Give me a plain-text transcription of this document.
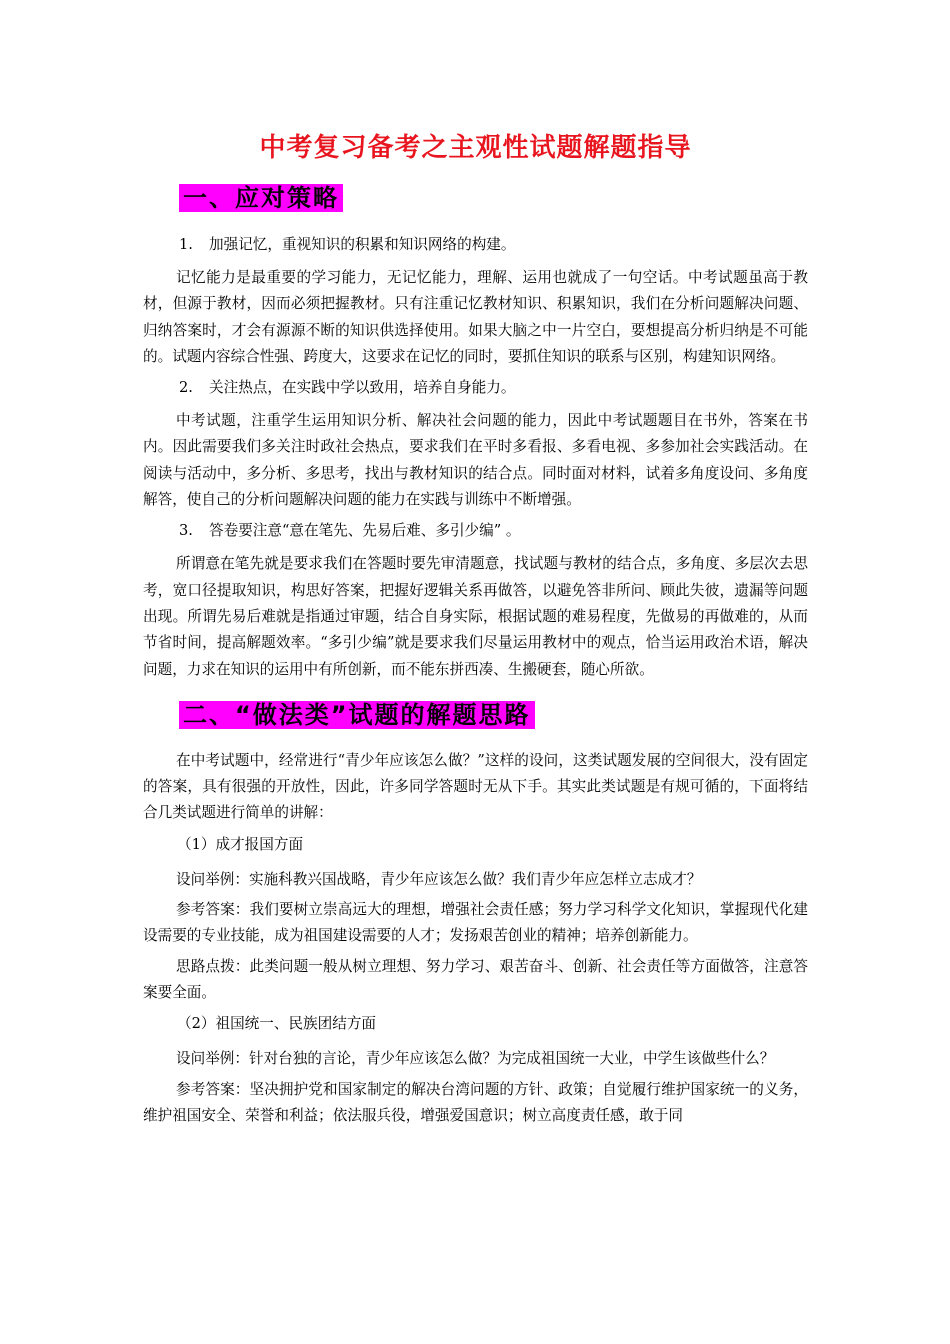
中考复习备考之主观性试题解题指导
一、应对策略
1. 加强记忆，重视知识的积累和知识网络的构建。

记忆能力是最重要的学习能力，无记忆能力，理解、运用也就成了一句空话。中考试题虽高于教材，但源于教材，因而必须把握教材。只有注重记忆教材知识、积累知识，我们在分析问题解决问题、归纳答案时，才会有源源不断的知识供选择使用。如果大脑之中一片空白，要想提高分析归纳是不可能的。试题内容综合性强、跨度大，这要求在记忆的同时，要抓住知识的联系与区别，构建知识网络。

2. 关注热点，在实践中学以致用，培养自身能力。

中考试题，注重学生运用知识分析、解决社会问题的能力，因此中考试题题目在书外，答案在书内。因此需要我们多关注时政社会热点，要求我们在平时多看报、多看电视、多参加社会实践活动。在阅读与活动中，多分析、多思考，找出与教材知识的结合点。同时面对材料，试着多角度设问、多角度解答，使自己的分析问题解决问题的能力在实践与训练中不断增强。

3. 答卷要注意“意在笔先、先易后难、多引少编” 。

所谓意在笔先就是要求我们在答题时要先审清题意，找试题与教材的结合点，多角度、多层次去思考，宽口径提取知识，构思好答案，把握好逻辑关系再做答，以避免答非所问、顾此失彼，遗漏等问题出现。所谓先易后难就是指通过审题，结合自身实际，根据试题的难易程度，先做易的再做难的，从而节省时间，提高解题效率。“多引少编”就是要求我们尽量运用教材中的观点，恰当运用政治术语，解决问题，力求在知识的运用中有所创新，而不能东拼西凑、生搬硬套，随心所欲。

二、“做法类”试题的解题思路

在中考试题中，经常进行“青少年应该怎么做？”这样的设问，这类试题发展的空间很大，没有固定的答案，具有很强的开放性，因此，许多同学答题时无从下手。其实此类试题是有规可循的，下面将结合几类试题进行简单的讲解：

（1）成才报国方面

设问举例：实施科教兴国战略，青少年应该怎么做？我们青少年应怎样立志成才？

参考答案：我们要树立崇高远大的理想，增强社会责任感；努力学习科学文化知识，掌握现代化建设需要的专业技能，成为祖国建设需要的人才；发扬艰苦创业的精神；培养创新能力。

思路点拨：此类问题一般从树立理想、努力学习、艰苦奋斗、创新、社会责任等方面做答，注意答案要全面。

（2）祖国统一、民族团结方面

设问举例：针对台独的言论，青少年应该怎么做？为完成祖国统一大业，中学生该做些什么？

参考答案：坚决拥护党和国家制定的解决台湾问题的方针、政策；自觉履行维护国家统一的义务，维护祖国安全、荣誉和利益；依法服兵役，增强爱国意识；树立高度责任感，敢于同
